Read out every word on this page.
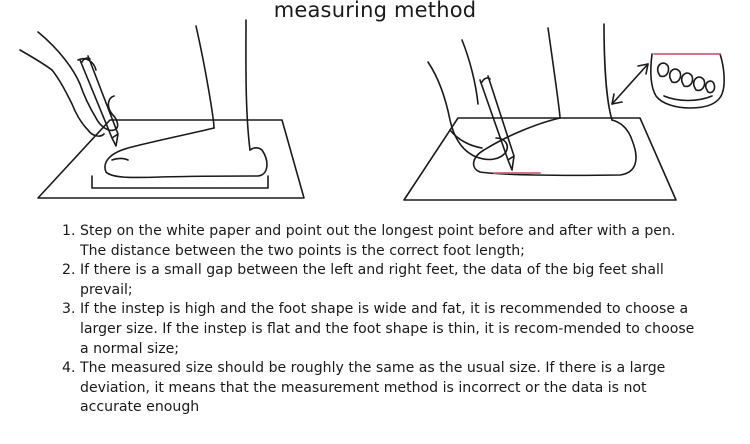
measuring method
1. Step on the white paper and point out the longest point before and after with a pen. The distance between the two points is the correct foot length;
2. If there is a small gap between the left and right feet, the data of the big feet shall prevail;
3. If the instep is high and the foot shape is wide and fat, it is recommended to choose a larger size. If the instep is flat and the foot shape is thin, it is recom-mended to choose a normal size;
4. The measured size should be roughly the same as the usual size. If there is a large deviation, it means that the measurement method is incorrect or the data is not accurate enough
